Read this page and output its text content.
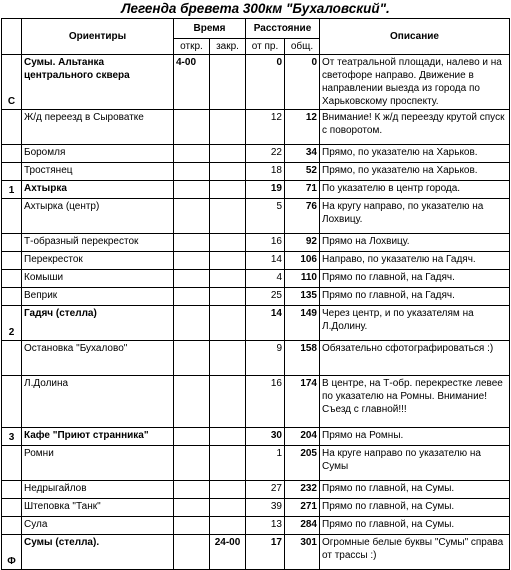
Легенда бревета 300км "Бухаловский".
	Ориентиры	Время		Расстояние		Описание
		откр.	закр.	от пр.	общ.	
С	Сумы. Альтанка центрального сквера	4-00		0	0	От театральной площади, налево и на светофоре направо. Движение в направлении выезда из города по Харьковскому проспекту.
	Ж/д переезд в Сыроватке			12	12	Внимание! К ж/д переезду крутой спуск с поворотом.
	Боромля			22	34	Прямо, по указателю на Харьков.
	Тростянец			18	52	Прямо, по указателю на Харьков.
1	Ахтырка			19	71	По указателю в центр города.
	Ахтырка (центр)			5	76	На кругу направо, по указателю на Лохвицу.
	Т-образный перекресток			16	92	Прямо на Лохвицу.
	Перекресток			14	106	Направо, по указателю на Гадяч.
	Комыши			4	110	Прямо по главной, на Гадяч.
	Веприк			25	135	Прямо по главной, на Гадяч.
2	Гадяч (стелла)			14	149	Через центр, и по указателям на Л.Долину.
	Остановка "Бухалово"			9	158	Обязательно сфотографироваться :)
	Л.Долина			16	174	В центре, на Т-обр. перекрестке левее по указателю на Ромны. Внимание! Съезд с главной!!!
3	Кафе "Приют странника"			30	204	Прямо на Ромны.
	Ромни			1	205	На круге направо по указателю на Сумы
	Недрыгайлов			27	232	Прямо по главной, на Сумы.
	Штеповка "Танк"			39	271	Прямо по главной, на Сумы.
	Сула			13	284	Прямо по главной, на Сумы.
Ф	Сумы (стелла).		24-00	17	301	Огромные белые буквы "Сумы" справа от трассы :)
